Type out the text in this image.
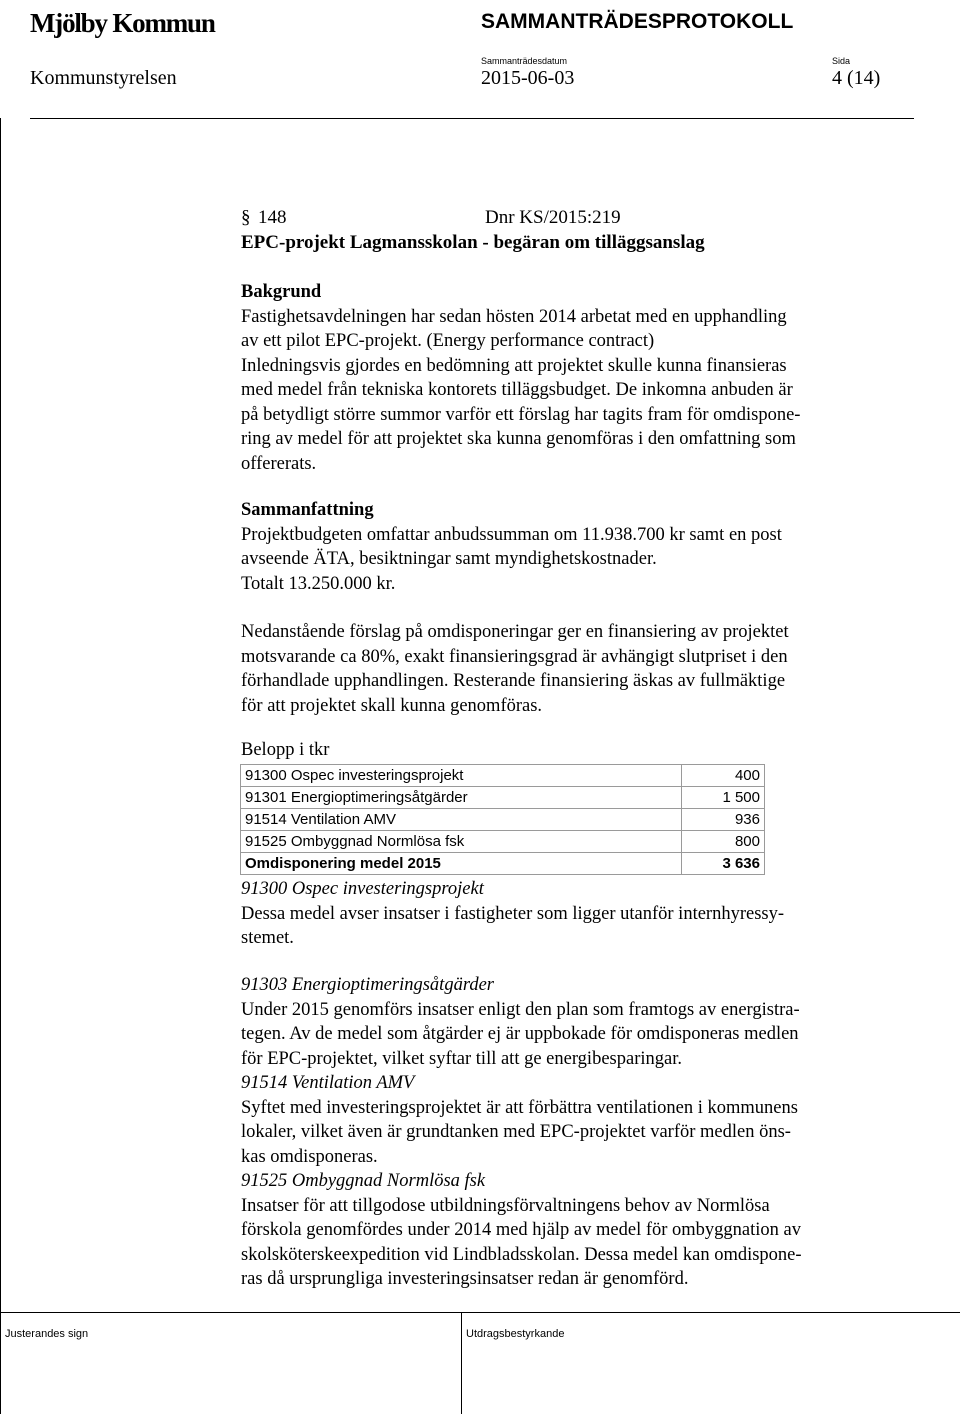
Mjölby Kommun	SAMMANTRÄDESPROTOKOLL
Sammanträdesdatum	Sida
Kommunstyrelsen	2015-06-03	4 (14)
§ 148	Dnr KS/2015:219
EPC-projekt Lagmansskolan - begäran om tilläggsanslag

Bakgrund

Fastighetsavdelningen har sedan hösten 2014 arbetat med en upphandling

av ett pilot EPC-projekt. (Energy performance contract)

Inledningsvis gjordes en bedömning att projektet skulle kunna finansieras

med medel från tekniska kontorets tilläggsbudget. De inkomna anbuden är

på betydligt större summor varför ett förslag har tagits fram för omdispone-

ring av medel för att projektet ska kunna genomföras i den omfattning som

offererats.

Sammanfattning

Projektbudgeten omfattar anbudssumman om 11.938.700 kr samt en post

avseende ÄTA, besiktningar samt myndighetskostnader.

Totalt 13.250.000 kr.

Nedanstående förslag på omdisponeringar ger en finansiering av projektet

motsvarande ca 80%, exakt finansieringsgrad är avhängigt slutpriset i den

förhandlade upphandlingen. Resterande finansiering äskas av fullmäktige

för att projektet skall kunna genomföras.

Belopp i tkr
91300 Ospec investeringsprojekt	400
91301 Energioptimeringsåtgärder	1 500
91514 Ventilation AMV	936
91525 Ombyggnad Normlösa fsk	800
Omdisponering medel 2015	3 636

91300 Ospec investeringsprojekt

Dessa medel avser insatser i fastigheter som ligger utanför internhyressy-

stemet.

91303 Energioptimeringsåtgärder

Under 2015 genomförs insatser enligt den plan som framtogs av energistra-

tegen. Av de medel som åtgärder ej är uppbokade för omdisponeras medlen

för EPC-projektet, vilket syftar till att ge energibesparingar.

91514 Ventilation AMV

Syftet med investeringsprojektet är att förbättra ventilationen i kommunens

lokaler, vilket även är grundtanken med EPC-projektet varför medlen öns-

kas omdisponeras.

91525 Ombyggnad Normlösa fsk

Insatser för att tillgodose utbildningsförvaltningens behov av Normlösa

förskola genomfördes under 2014 med hjälp av medel för ombyggnation av

skolsköterskeexpedition vid Lindbladsskolan. Dessa medel kan omdispone-

ras då ursprungliga investeringsinsatser redan är genomförd.

Justerandes sign	Utdragsbestyrkande
